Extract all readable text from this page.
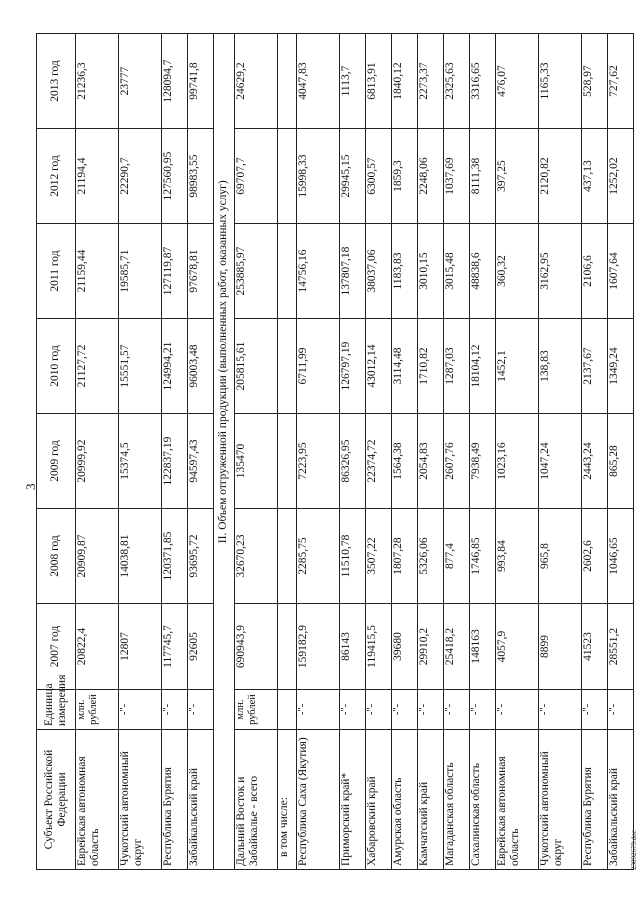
3
Субъект Российской Федерации	Единица измерения	2007 год	2008 год	2009 год	2010 год	2011 год	2012 год	2013 год
Еврейская автономная область	млн. рублей	20822,4	20909,87	20999,92	21127,72	21159,44	21194,4	21236,3
Чукотский автономный округ	-"-	12807	14038,81	15374,5	15551,57	19585,71	22290,7	23777
Республика Бурятия	-"-	117745,7	120371,85	122837,19	124994,21	127119,87	127560,95	128094,7
Забайкальский край	-"-	92605	93695,72	94597,43	96003,48	97678,81	98983,55	99741,8
		II. Объем отгруженной продукции (выполненных работ, оказанных услуг)						
Дальний Восток и Забайкалье - всего	млн. рублей	690943,9	32670,23	135470	205815,61	253885,97	69707,7	24629,2
в том числе:								
Республика Саха (Якутия)	-"-	159182,9	2285,75	7223,95	6711,99	14756,16	15998,33	4047,83
Приморский край*	-"-	86143	11510,78	86326,95	126797,19	137807,18	29945,15	1113,7
Хабаровский край	-"-	119415,5	3507,22	22374,72	43012,14	38037,06	6300,57	6813,91
Амурская область	-"-	39680	1807,28	1564,38	3114,48	1183,83	1859,3	1840,12
Камчатский край	-"-	29910,2	5326,06	2054,83	1710,82	3010,15	2248,06	2273,37
Магаданская область	-"-	25418,2	877,4	2607,76	1287,03	3015,48	1037,69	2325,63
Сахалинская область	-"-	148163	1746,85	7938,49	18104,12	48838,6	8111,38	3316,65
Еврейская автономная область	-"-	4057,9	993,84	1023,16	1452,1	360,32	397,25	476,07
Чукотский автономный округ	-"-	8899	965,8	1047,24	138,83	3162,95	2120,82	1165,33
Республика Бурятия	-"-	41523	2602,6	2443,24	2137,67	2106,6	437,13	528,97
Забайкальский край	-"-	28551,2	1046,65	865,28	1349,24	1607,64	1252,02	727,62
23092679.doc
